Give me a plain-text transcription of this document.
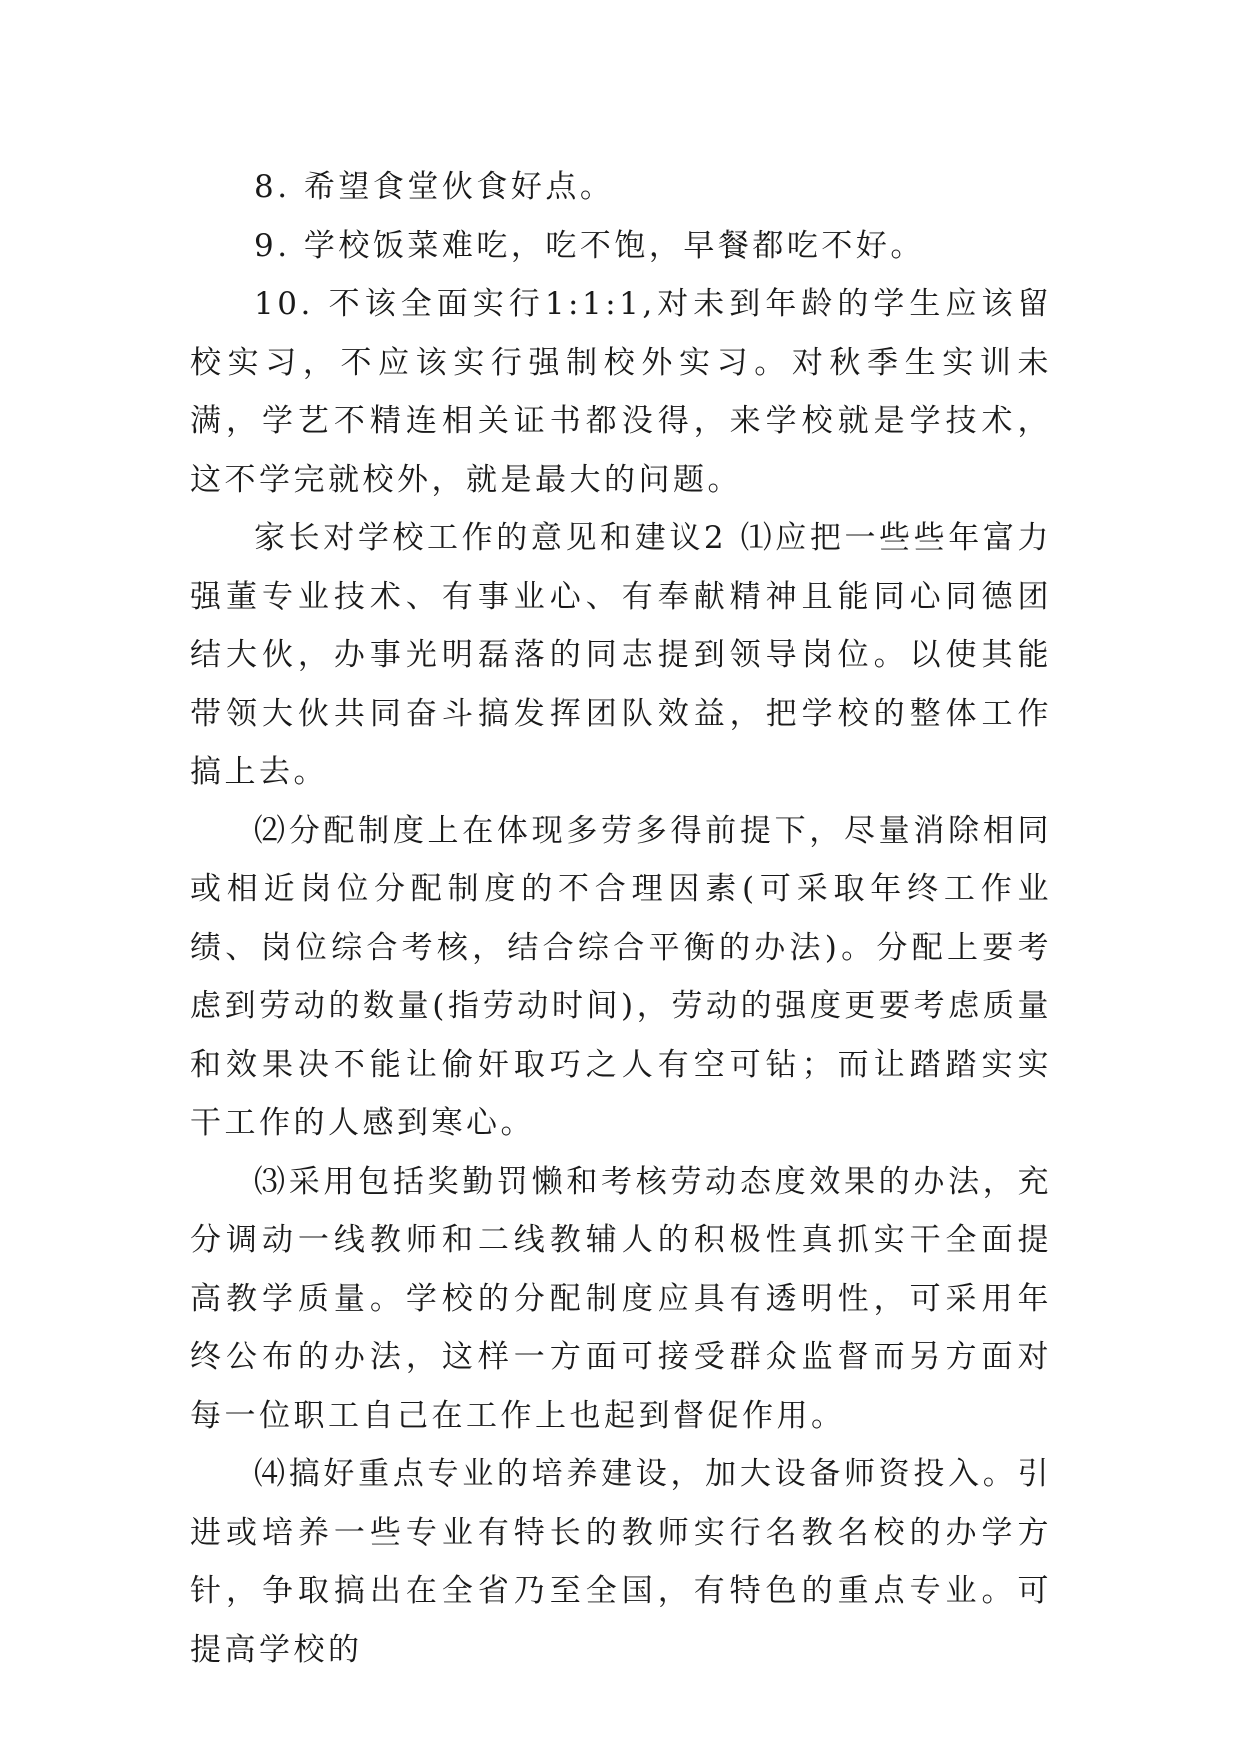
8. 希望食堂伙食好点。

9. 学校饭菜难吃，吃不饱，早餐都吃不好。

10. 不该全面实行1:1:1,对未到年龄的学生应该留校实习，不应该实行强制校外实习。对秋季生实训未满，学艺不精连相关证书都没得，来学校就是学技术，这不学完就校外，就是最大的问题。

家长对学校工作的意见和建议2 ⑴应把一些些年富力强董专业技术、有事业心、有奉献精神且能同心同德团结大伙，办事光明磊落的同志提到领导岗位。以使其能带领大伙共同奋斗搞发挥团队效益，把学校的整体工作搞上去。

⑵分配制度上在体现多劳多得前提下，尽量消除相同或相近岗位分配制度的不合理因素(可采取年终工作业绩、岗位综合考核，结合综合平衡的办法)。分配上要考虑到劳动的数量(指劳动时间)，劳动的强度更要考虑质量和效果决不能让偷奸取巧之人有空可钻；而让踏踏实实干工作的人感到寒心。

⑶采用包括奖勤罚懒和考核劳动态度效果的办法，充分调动一线教师和二线教辅人的积极性真抓实干全面提高教学质量。学校的分配制度应具有透明性，可采用年终公布的办法，这样一方面可接受群众监督而另方面对每一位职工自己在工作上也起到督促作用。

⑷搞好重点专业的培养建设，加大设备师资投入。引进或培养一些专业有特长的教师实行名教名校的办学方针，争取搞出在全省乃至全国，有特色的重点专业。可提高学校的
